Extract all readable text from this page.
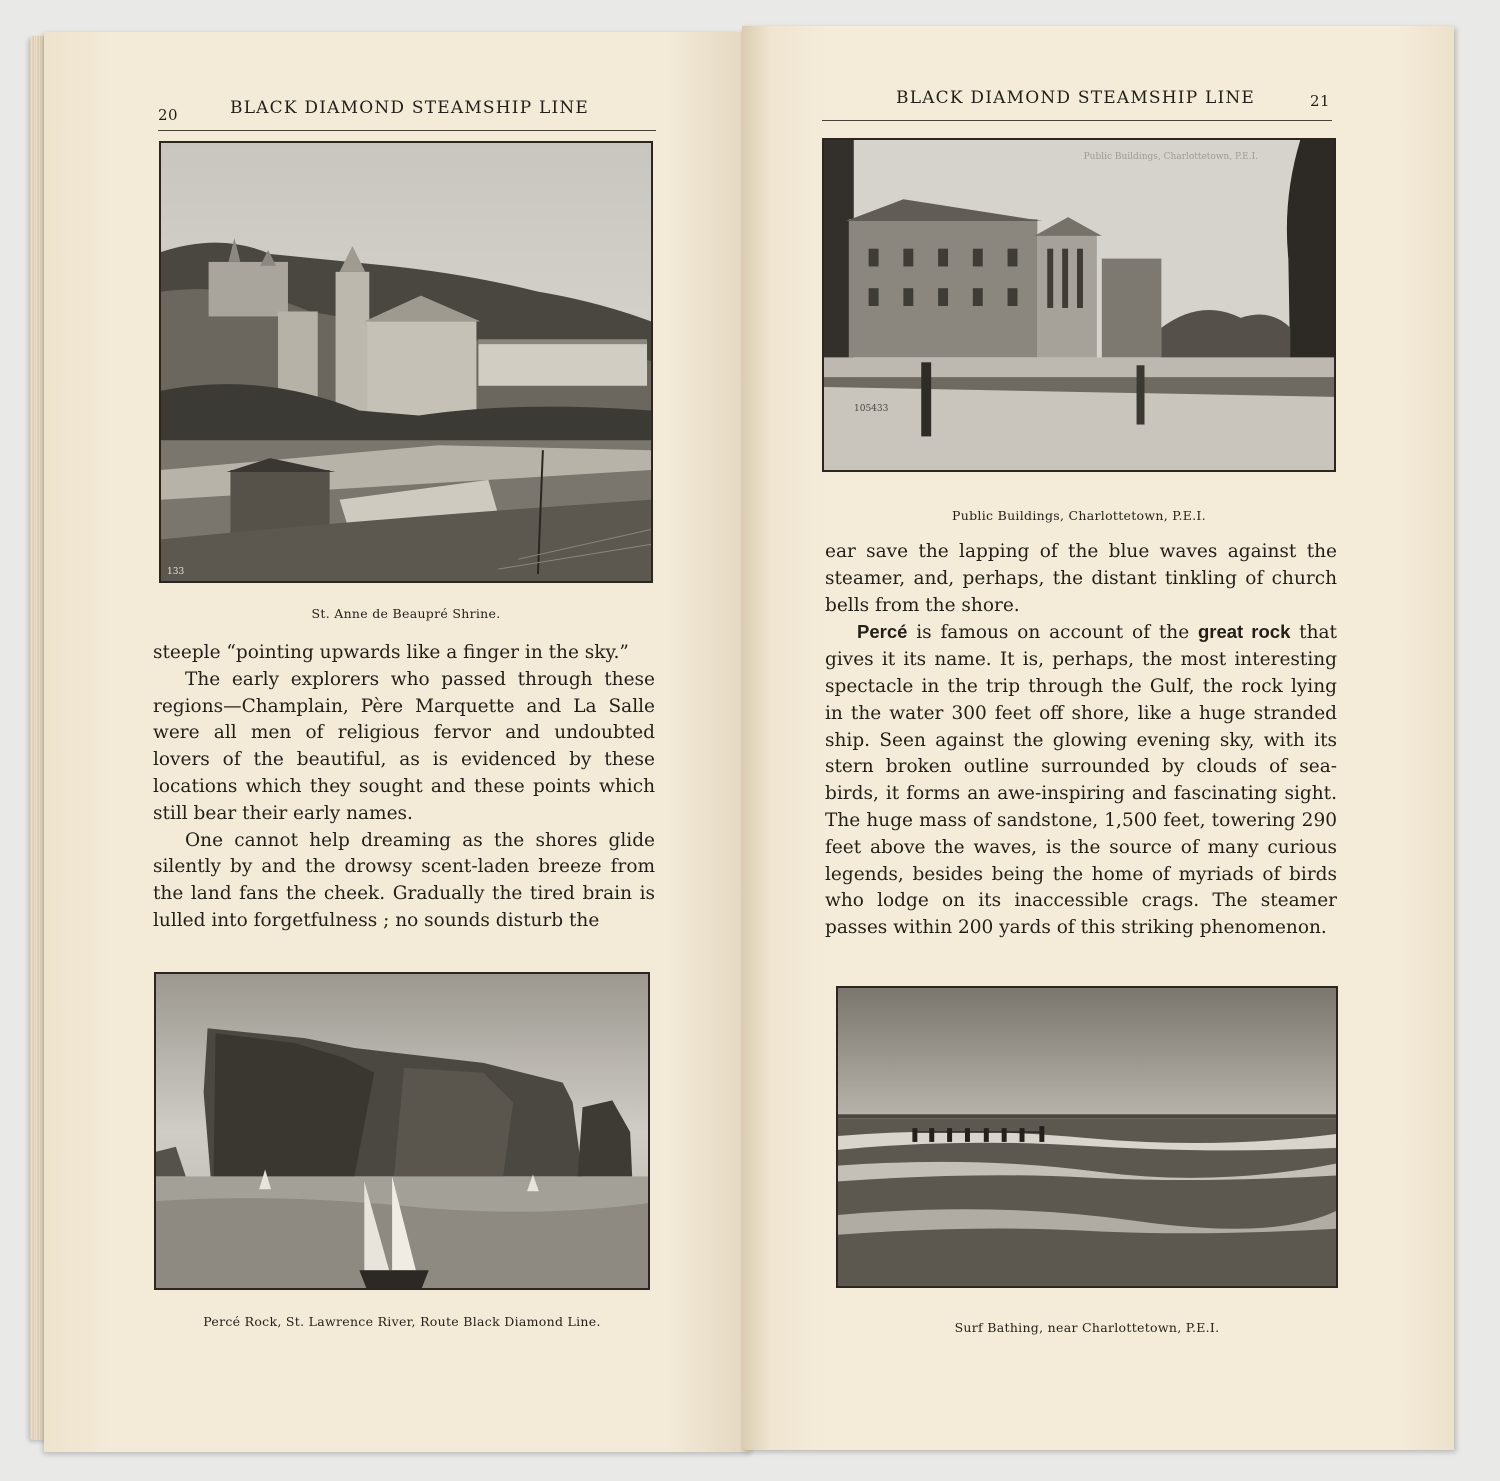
20	BLACK DIAMOND STEAMSHIP LINE
133
St. Anne de Beaupré Shrine.

steeple “pointing upwards like a finger in the sky.”

The early explorers who passed through these regions—Champlain, Père Marquette and La Salle were all men of religious fervor and undoubted lovers of the beautiful, as is evidenced by these locations which they sought and these points which still bear their early names.

One cannot help dreaming as the shores glide silently by and the drowsy scent-laden breeze from the land fans the cheek. Gradually the tired brain is lulled into forgetfulness ; no sounds disturb the

Percé Rock, St. Lawrence River, Route Black Diamond Line.
BLACK DIAMOND STEAMSHIP LINE	21
Public Buildings, Charlottetown, P.E.I.
105433
Public Buildings, Charlottetown, P.E.I.

ear save the lapping of the blue waves against the steamer, and, perhaps, the distant tinkling of church bells from the shore.

Percé is famous on account of the great rock that gives it its name. It is, perhaps, the most interesting spectacle in the trip through the Gulf, the rock lying in the water 300 feet off shore, like a huge stranded ship. Seen against the glowing evening sky, with its stern broken outline surrounded by clouds of sea-birds, it forms an awe-inspiring and fascinating sight. The huge mass of sandstone, 1,500 feet, towering 290 feet above the waves, is the source of many curious legends, besides being the home of myriads of birds who lodge on its inaccessible crags. The steamer passes within 200 yards of this striking phenomenon.

Surf Bathing, near Charlottetown, P.E.I.
